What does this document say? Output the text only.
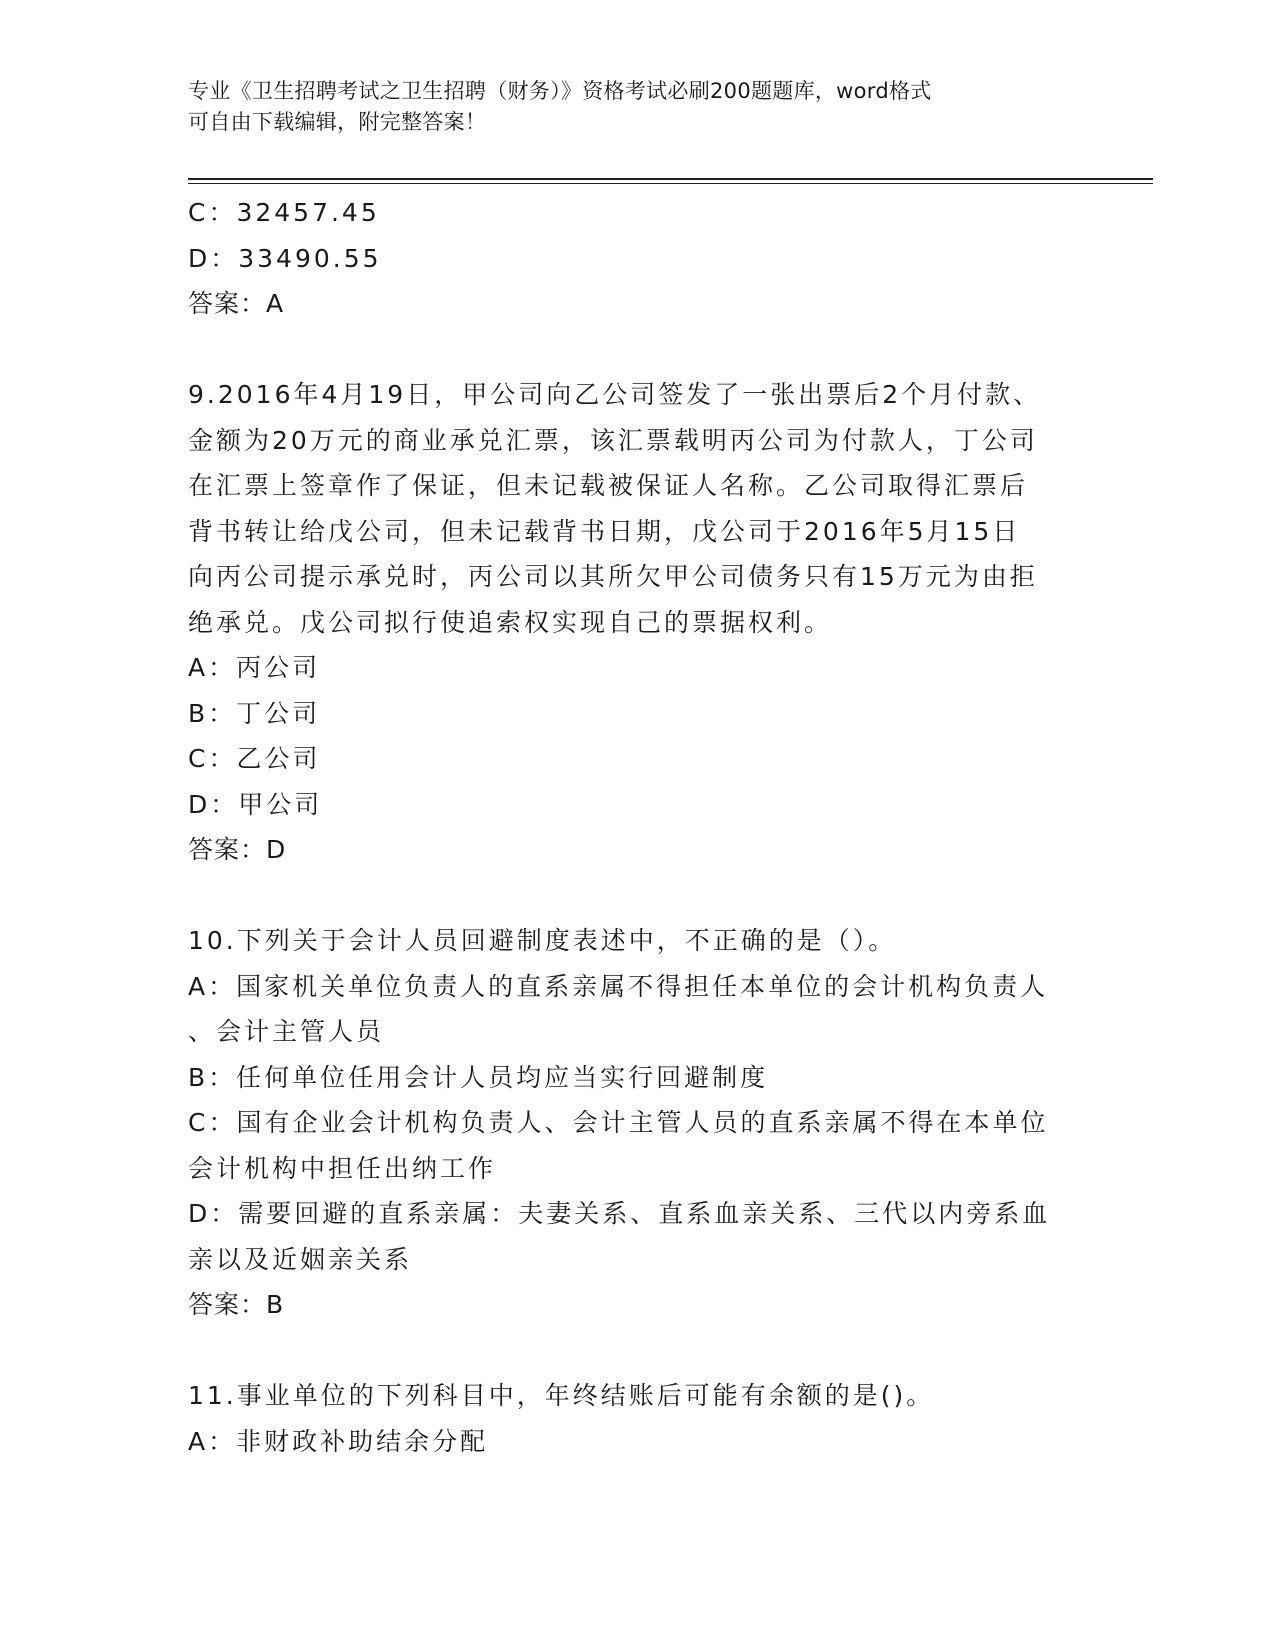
专业《卫生招聘考试之卫生招聘（财务）》资格考试必刷200题题库，word格式
可自由下载编辑，附完整答案！
C：32457.45
D：33490.55
答案：A
9.2016年4月19日，甲公司向乙公司签发了一张出票后2个月付款、
金额为20万元的商业承兑汇票，该汇票载明丙公司为付款人，丁公司
在汇票上签章作了保证，但未记载被保证人名称。乙公司取得汇票后
背书转让给戊公司，但未记载背书日期，戊公司于2016年5月15日
向丙公司提示承兑时，丙公司以其所欠甲公司债务只有15万元为由拒
绝承兑。戊公司拟行使追索权实现自己的票据权利。
A：丙公司
B：丁公司
C：乙公司
D：甲公司
答案：D
10.下列关于会计人员回避制度表述中，不正确的是（）。
A：国家机关单位负责人的直系亲属不得担任本单位的会计机构负责人
、会计主管人员
B：任何单位任用会计人员均应当实行回避制度
C：国有企业会计机构负责人、会计主管人员的直系亲属不得在本单位
会计机构中担任出纳工作
D：需要回避的直系亲属：夫妻关系、直系血亲关系、三代以内旁系血
亲以及近姻亲关系
答案：B
11.事业单位的下列科目中，年终结账后可能有余额的是()。
A：非财政补助结余分配
